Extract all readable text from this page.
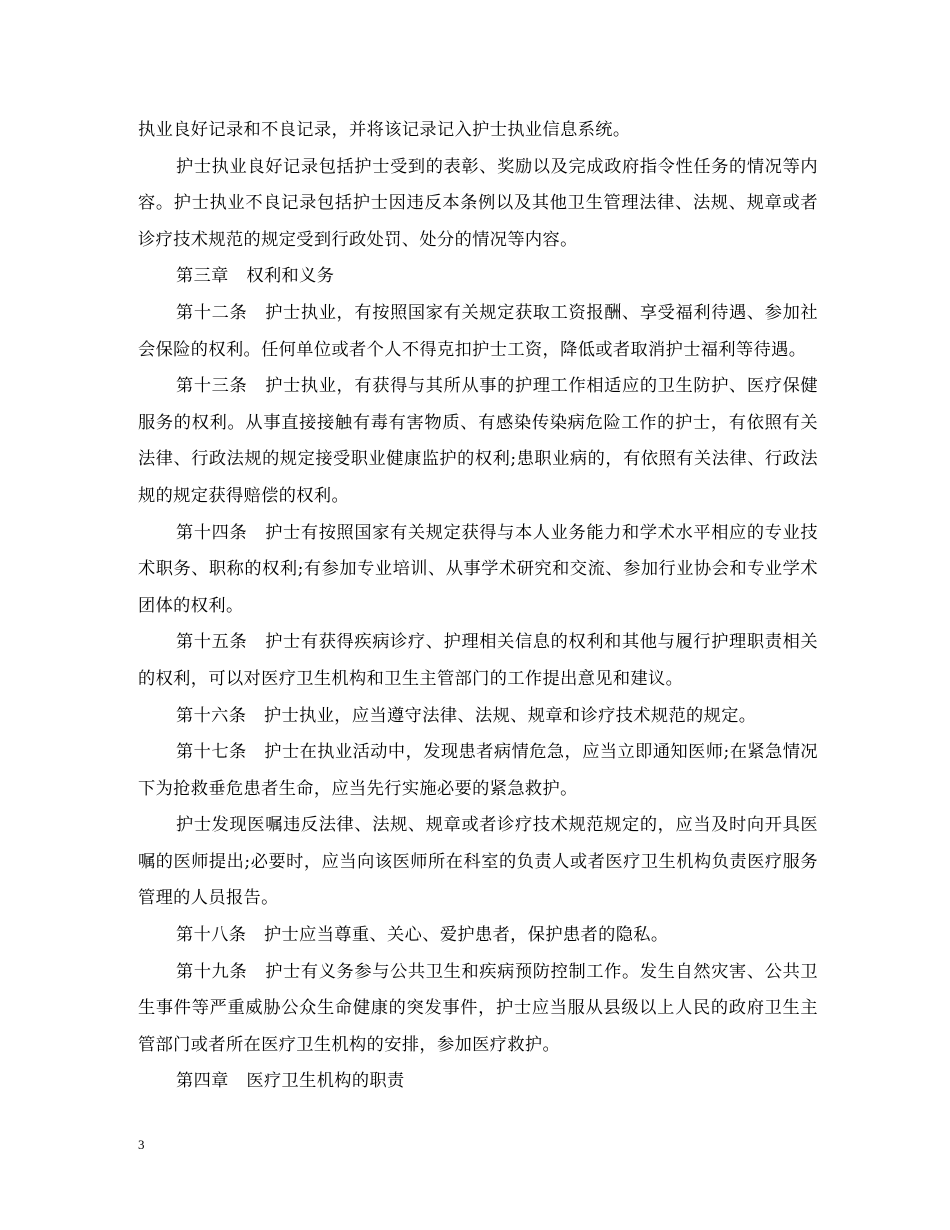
执业良好记录和不良记录，并将该记录记入护士执业信息系统。

护士执业良好记录包括护士受到的表彰、奖励以及完成政府指令性任务的情况等内容。护士执业不良记录包括护士因违反本条例以及其他卫生管理法律、法规、规章或者诊疗技术规范的规定受到行政处罚、处分的情况等内容。

第三章　权利和义务

第十二条　护士执业，有按照国家有关规定获取工资报酬、享受福利待遇、参加社会保险的权利。任何单位或者个人不得克扣护士工资，降低或者取消护士福利等待遇。

第十三条　护士执业，有获得与其所从事的护理工作相适应的卫生防护、医疗保健服务的权利。从事直接接触有毒有害物质、有感染传染病危险工作的护士，有依照有关法律、行政法规的规定接受职业健康监护的权利;患职业病的，有依照有关法律、行政法规的规定获得赔偿的权利。

第十四条　护士有按照国家有关规定获得与本人业务能力和学术水平相应的专业技术职务、职称的权利;有参加专业培训、从事学术研究和交流、参加行业协会和专业学术团体的权利。

第十五条　护士有获得疾病诊疗、护理相关信息的权利和其他与履行护理职责相关的权利，可以对医疗卫生机构和卫生主管部门的工作提出意见和建议。

第十六条　护士执业，应当遵守法律、法规、规章和诊疗技术规范的规定。

第十七条　护士在执业活动中，发现患者病情危急，应当立即通知医师;在紧急情况下为抢救垂危患者生命，应当先行实施必要的紧急救护。

护士发现医嘱违反法律、法规、规章或者诊疗技术规范规定的，应当及时向开具医嘱的医师提出;必要时，应当向该医师所在科室的负责人或者医疗卫生机构负责医疗服务管理的人员报告。

第十八条　护士应当尊重、关心、爱护患者，保护患者的隐私。

第十九条　护士有义务参与公共卫生和疾病预防控制工作。发生自然灾害、公共卫生事件等严重威胁公众生命健康的突发事件，护士应当服从县级以上人民的政府卫生主管部门或者所在医疗卫生机构的安排，参加医疗救护。

第四章　医疗卫生机构的职责

3
